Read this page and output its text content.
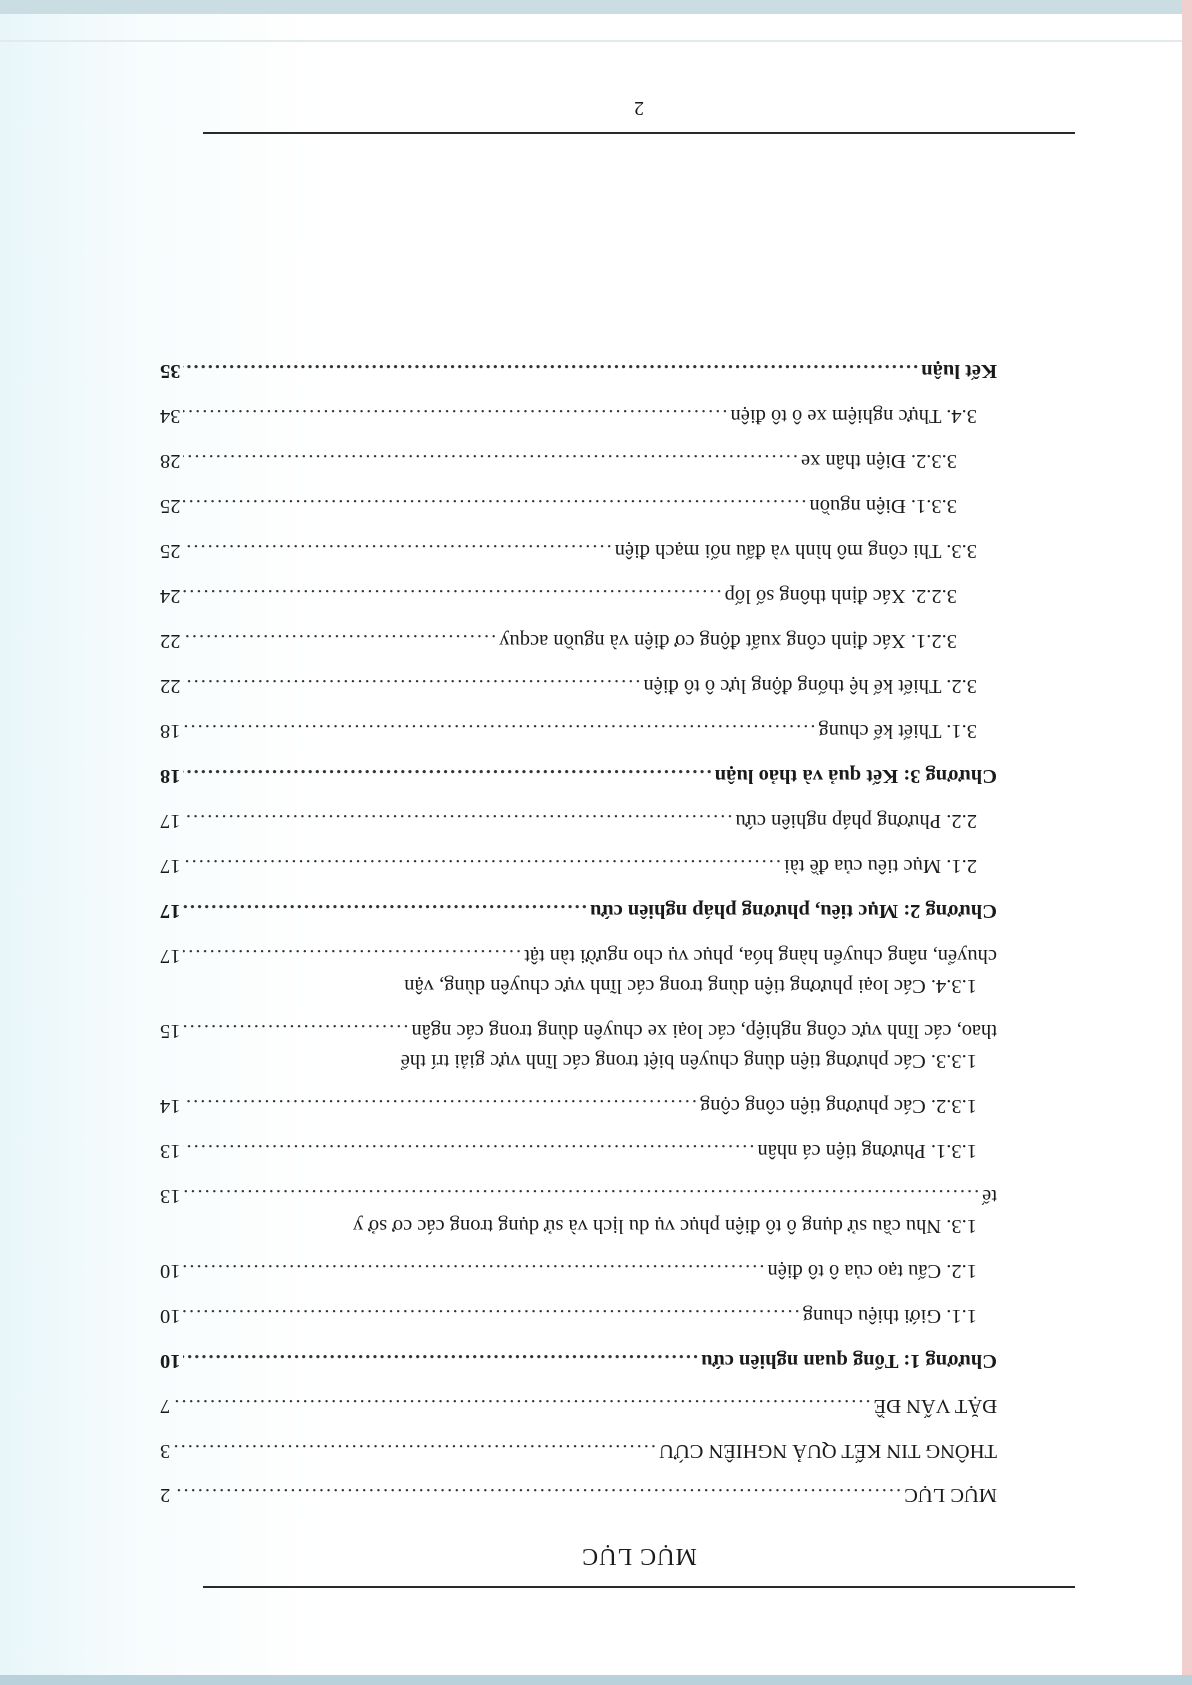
MỤC LỤC
MỤC LỤC
.....
2
THÔNG TIN KẾT QUẢ NGHIÊN CỨU
.....
3
ĐẶT VẤN ĐỀ
.....
7
Chương 1: Tổng quan nghiên cứu
.....
10
1.1. Giới thiệu chung
.....
10
1.2. Cấu tạo của ô tô điện
.....
10
1.3. Nhu cầu sử dụng ô tô điện phục vụ du lịch và sử dụng trong các cơ sở y
tế
.....
13
1.3.1. Phương tiện cá nhân
.....
13
1.3.2. Các phương tiện công cộng
.....
14
1.3.3. Các phương tiện dùng chuyên biệt trong các lĩnh vực giải trí thể
thao, các lĩnh vực công nghiệp, các loại xe chuyên dùng trong các ngân
.....
15
1.3.4. Các loại phương tiện dùng trong các lĩnh vực chuyên dùng, vận
chuyển, nâng chuyển hàng hóa, phục vụ cho người tàn tật
.....
17
Chương 2: Mục tiêu, phương pháp nghiên cứu
.....
17
2.1. Mục tiêu của đề tài
.....
17
2.2. Phương pháp nghiên cứu
.....
17
Chương 3: Kết quả và thảo luận
.....
18
3.1. Thiết kế chung
.....
18
3.2. Thiết kế hệ thống động lực ô tô điện
.....
22
3.2.1. Xác định công xuất động cơ điện và nguồn acquy
.....
22
3.2.2. Xác định thông số lốp
.....
24
3.3. Thi công mô hình và đấu nối mạch điện
.....
25
3.3.1. Điện nguồn
.....
25
3.3.2. Điện thân xe
.....
28
3.4. Thực nghiệm xe ô tô điện
.....
34
Kết luận
.....
35
2
